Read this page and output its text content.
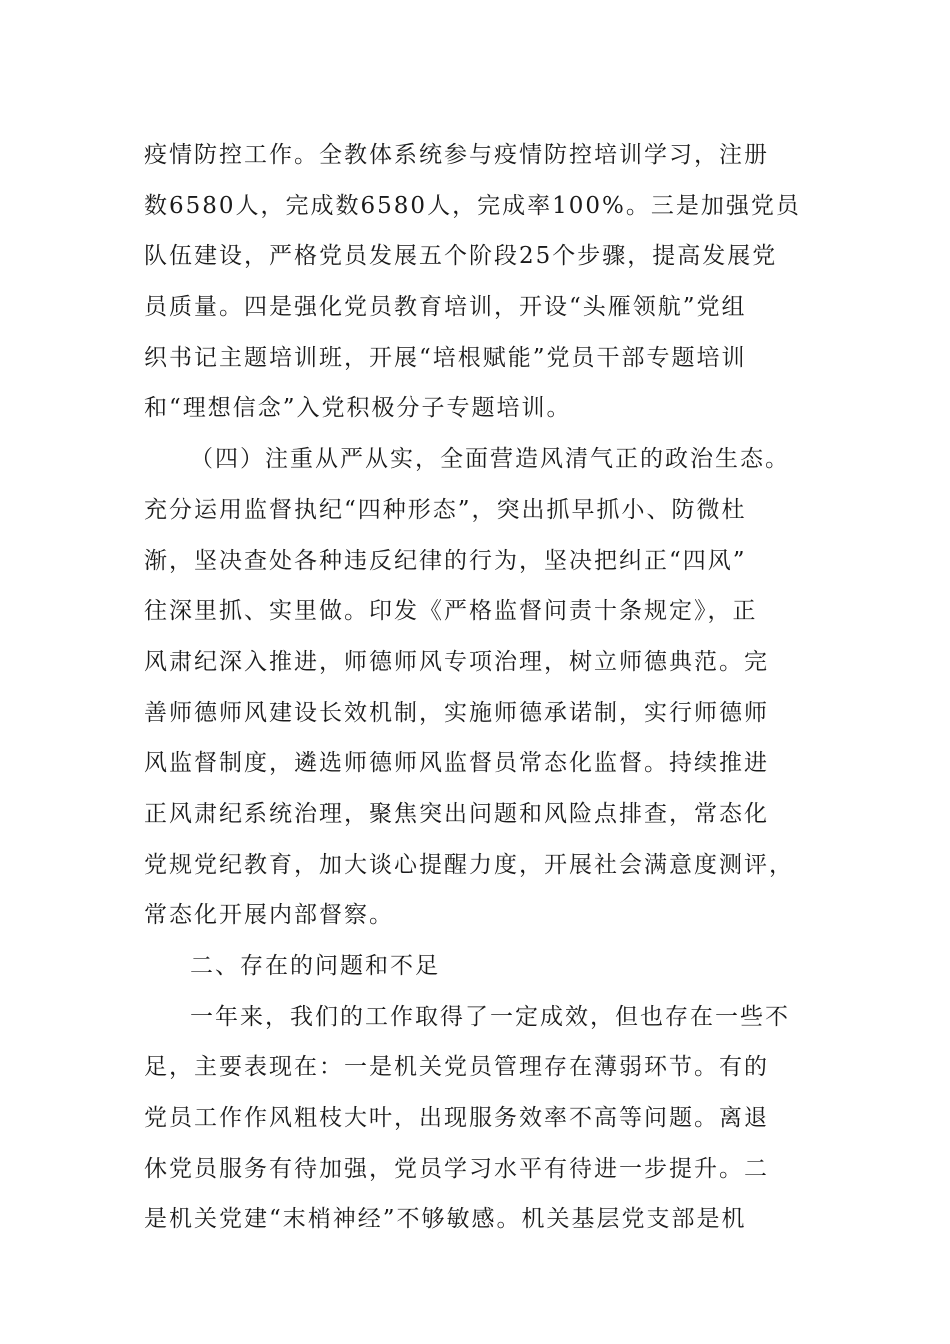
疫情防控工作。全教体系统参与疫情防控培训学习，注册
数6580人，完成数6580人，完成率100%。三是加强党员
队伍建设，严格党员发展五个阶段25个步骤，提高发展党
员质量。四是强化党员教育培训，开设“头雁领航”党组
织书记主题培训班，开展“培根赋能”党员干部专题培训
和“理想信念”入党积极分子专题培训。
（四）注重从严从实，全面营造风清气正的政治生态。
充分运用监督执纪“四种形态”，突出抓早抓小、防微杜
渐，坚决查处各种违反纪律的行为，坚决把纠正“四风”
往深里抓、实里做。印发《严格监督问责十条规定》，正
风肃纪深入推进，师德师风专项治理，树立师德典范。完
善师德师风建设长效机制，实施师德承诺制，实行师德师
风监督制度，遴选师德师风监督员常态化监督。持续推进
正风肃纪系统治理，聚焦突出问题和风险点排查，常态化
党规党纪教育，加大谈心提醒力度，开展社会满意度测评，
常态化开展内部督察。
二、存在的问题和不足
一年来，我们的工作取得了一定成效，但也存在一些不
足，主要表现在：一是机关党员管理存在薄弱环节。有的
党员工作作风粗枝大叶，出现服务效率不高等问题。离退
休党员服务有待加强，党员学习水平有待进一步提升。二
是机关党建“末梢神经”不够敏感。机关基层党支部是机
